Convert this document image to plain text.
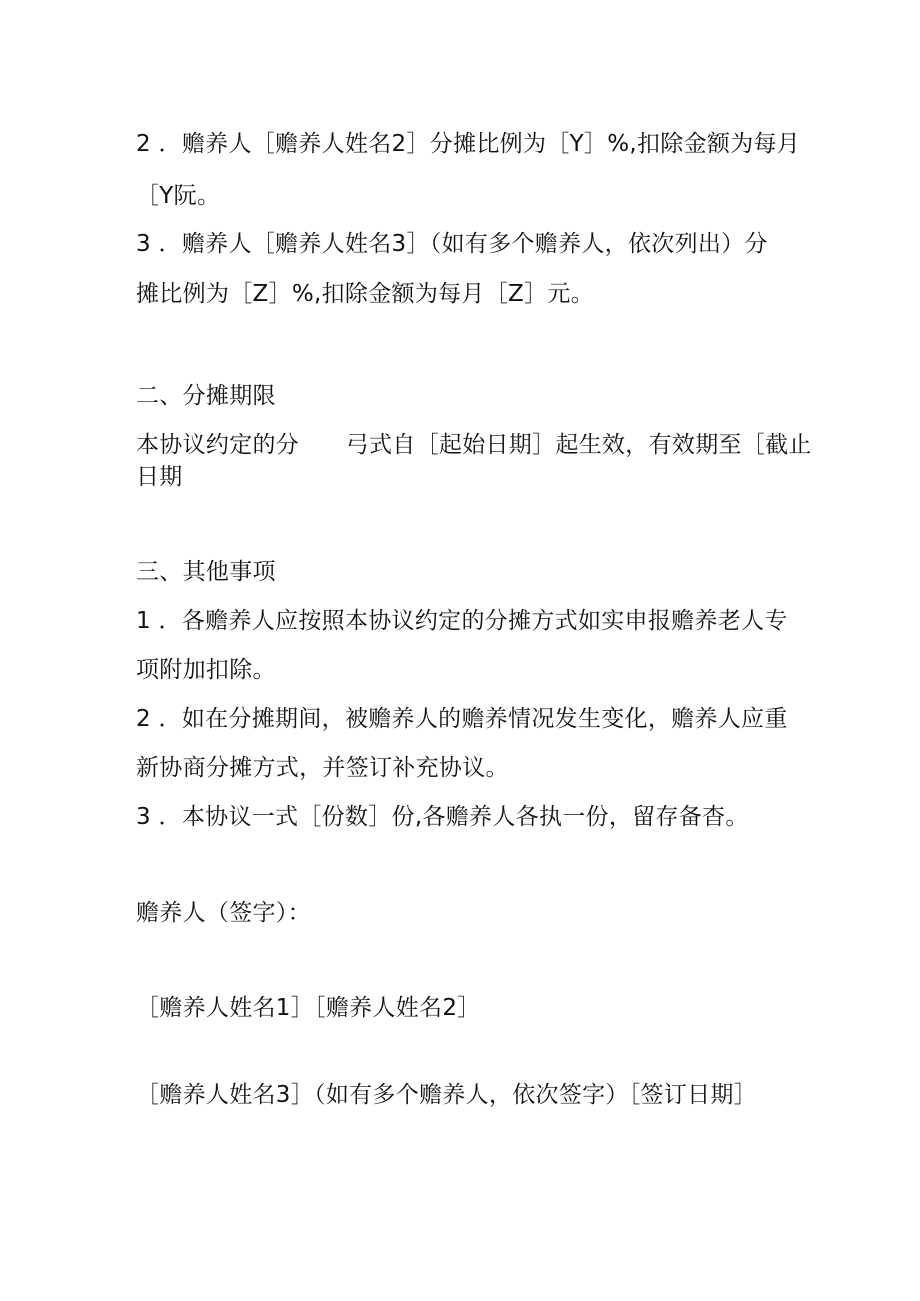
2 ．赡养人［赡养人姓名2］分摊比例为［Y］%,扣除金额为每月
［Y阮。
3 ．赡养人［赡养人姓名3］（如有多个赡养人，依次列出）分
摊比例为［Z］%,扣除金额为每月［Z］元。
二、分摊期限
本协议约定的分　　弓式自［起始日期］起生效，有效期至［截止
日期
三、其他事项
1 ．各赡养人应按照本协议约定的分摊方式如实申报赡养老人专
项附加扣除。
2 ．如在分摊期间，被赡养人的赡养情况发生变化，赡养人应重
新协商分摊方式，并签订补充协议。
3 ．本协议一式［份数］份,各赡养人各执一份，留存备杳。
赡养人（签字）：
［赡养人姓名1］［赡养人姓名2］
［赡养人姓名3］（如有多个赡养人，依次签字）［签订日期］
